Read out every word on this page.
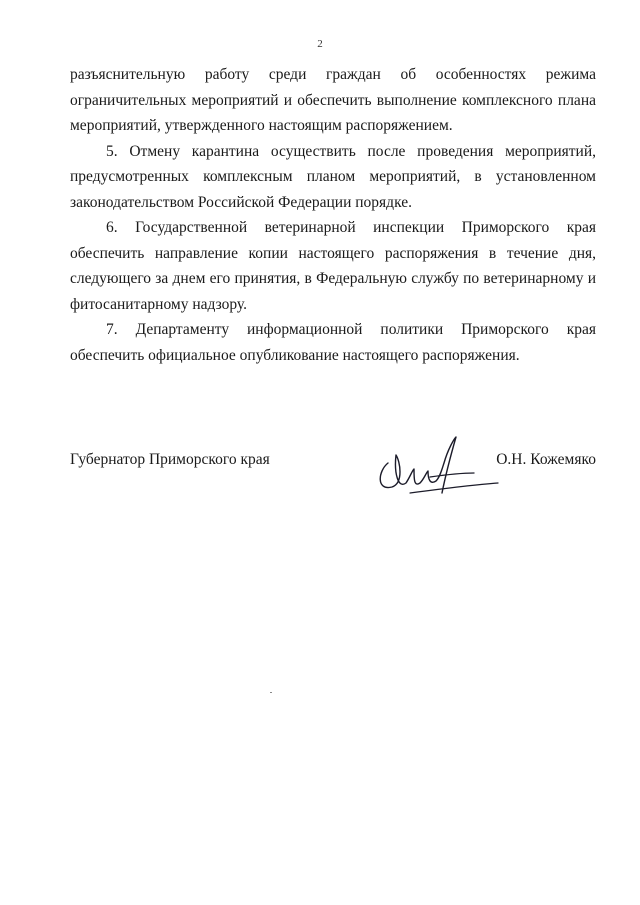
2

разъяснительную работу среди граждан об особенностях режима ограничительных мероприятий и обеспечить выполнение комплексного плана мероприятий, утвержденного настоящим распоряжением.

5. Отмену карантина осуществить после проведения мероприятий, предусмотренных комплексным планом мероприятий, в установленном законодательством Российской Федерации порядке.

6. Государственной ветеринарной инспекции Приморского края обеспечить направление копии настоящего распоряжения в течение дня, следующего за днем его принятия, в Федеральную службу по ветеринарному и фитосанитарному надзору.

7. Департаменту информационной политики Приморского края обеспечить официальное опубликование настоящего распоряжения.

Губернатор Приморского края	О.Н. Кожемяко
